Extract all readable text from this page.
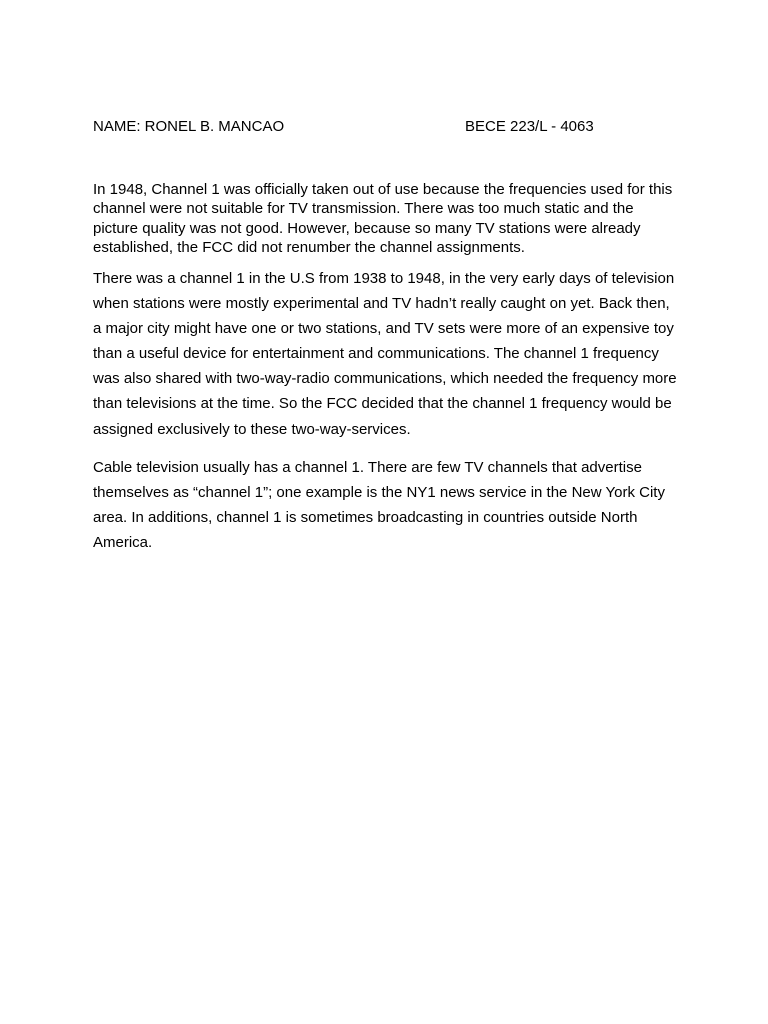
NAME: RONEL B. MANCAO	BECE 223/L - 4063

In 1948, Channel 1 was officially taken out of use because the frequencies used for this channel were not suitable for TV transmission. There was too much static and the picture quality was not good. However, because so many TV stations were already established, the FCC did not renumber the channel assignments.

There was a channel 1 in the U.S from 1938 to 1948, in the very early days of television when stations were mostly experimental and TV hadn’t really caught on yet. Back then, a major city might have one or two stations, and TV sets were more of an expensive toy than a useful device for entertainment and communications. The channel 1 frequency was also shared with two-way-radio communications, which needed the frequency more than televisions at the time. So the FCC decided that the channel 1 frequency would be assigned exclusively to these two-way-services.

Cable television usually has a channel 1. There are few TV channels that advertise themselves as “channel 1”; one example is the NY1 news service in the New York City area. In additions, channel 1 is sometimes broadcasting in countries outside North America.
